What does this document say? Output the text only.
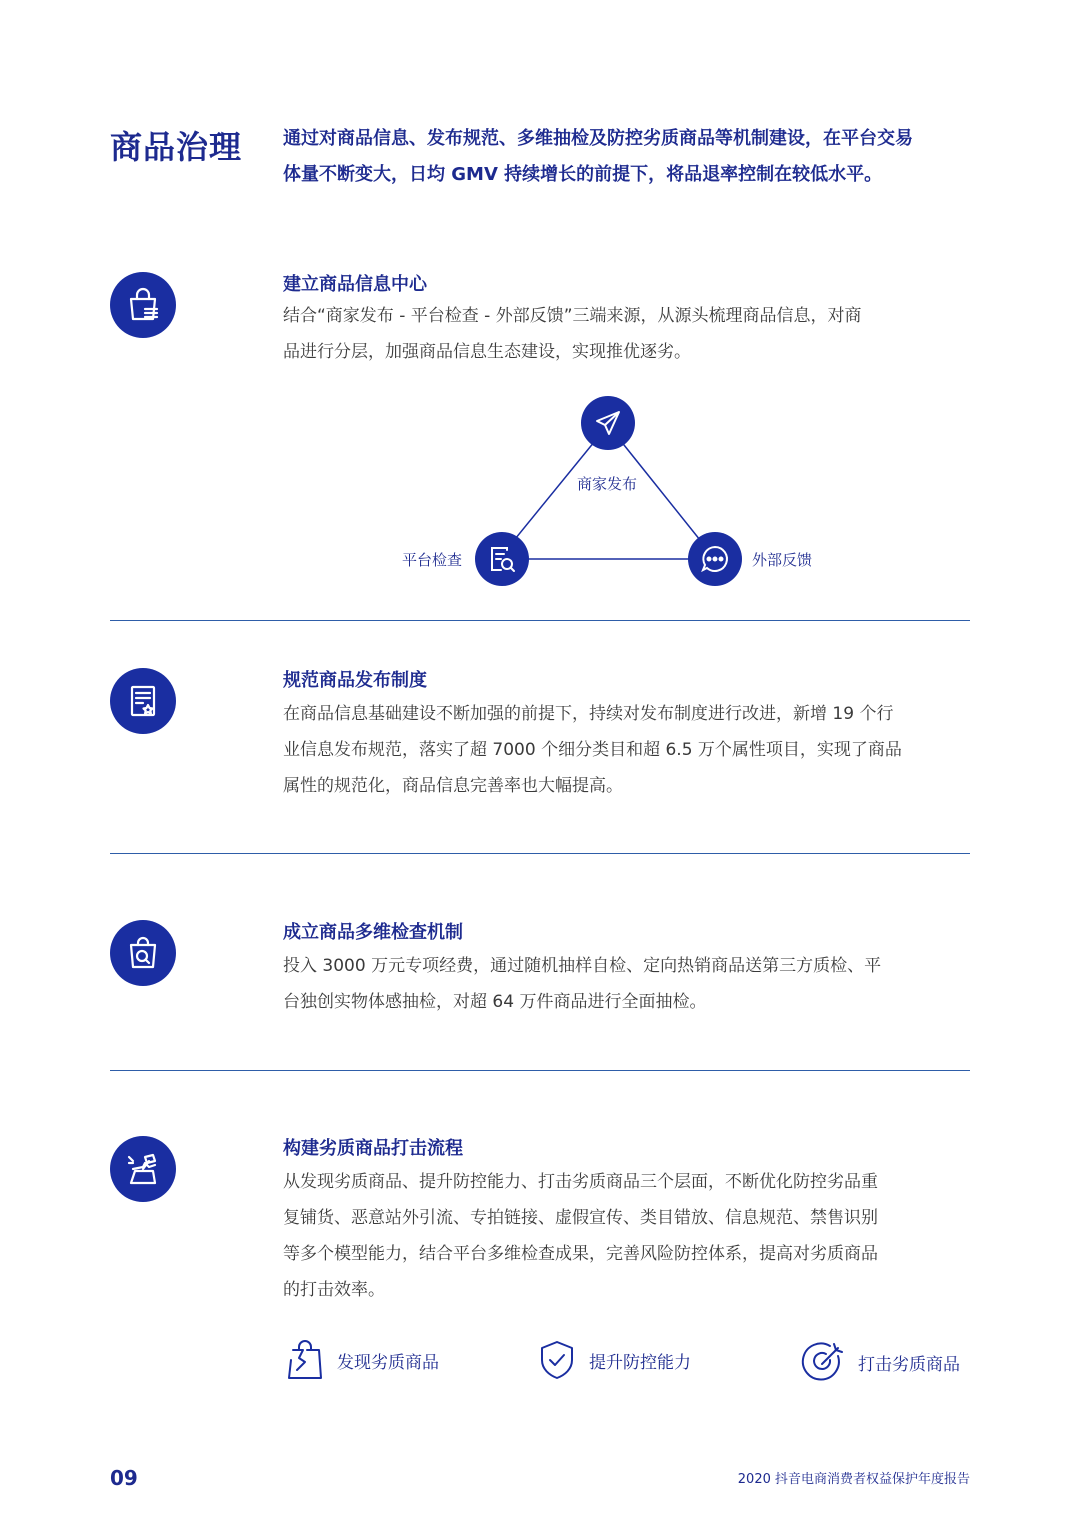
商品治理 通过对商品信息、发布规范、多维抽检及防控劣质商品等机制建设，在平台交易
体量不断变大，日均 GMV 持续增长的前提下，将品退率控制在较低水平。
建立商品信息中心
结合“商家发布 - 平台检查 - 外部反馈”三端来源，从源头梳理商品信息，对商
品进行分层，加强商品信息生态建设，实现推优逐劣。
商家发布
平台检查	外部反馈
规范商品发布制度
在商品信息基础建设不断加强的前提下，持续对发布制度进行改进，新增 19 个行
业信息发布规范，落实了超 7000 个细分类目和超 6.5 万个属性项目，实现了商品
属性的规范化，商品信息完善率也大幅提高。
成立商品多维检查机制
投入 3000 万元专项经费，通过随机抽样自检、定向热销商品送第三方质检、平
台独创实物体感抽检，对超 64 万件商品进行全面抽检。
构建劣质商品打击流程
从发现劣质商品、提升防控能力、打击劣质商品三个层面，不断优化防控劣品重
复铺货、恶意站外引流、专拍链接、虚假宣传、类目错放、信息规范、禁售识别
等多个模型能力，结合平台多维检查成果，完善风险防控体系，提高对劣质商品
的打击效率。
发现劣质商品	提升防控能力	打击劣质商品
09	2020 抖音电商消费者权益保护年度报告
